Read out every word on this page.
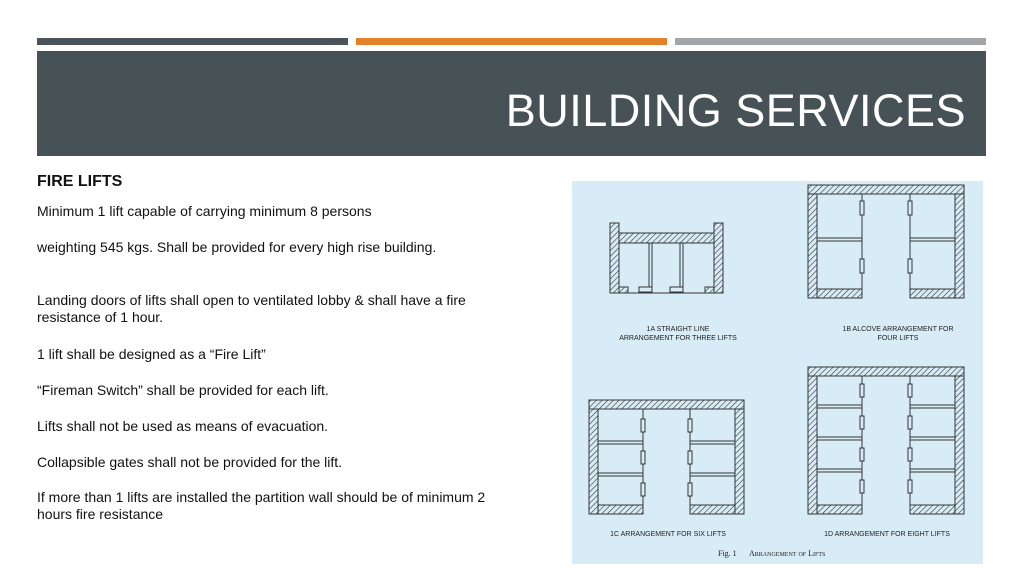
BUILDING SERVICES
FIRE LIFTS
Minimum 1 lift capable of carrying minimum 8 persons
weighting 545 kgs. Shall be provided for every high rise building.
Landing doors of lifts shall open to ventilated lobby & shall have a fire resistance of 1 hour.
1 lift shall be designed as a “Fire Lift”
“Fireman Switch” shall be provided for each lift.
Lifts shall not be used as means of evacuation.
Collapsible gates shall not be provided for the lift.
If more than 1 lifts are installed the partition wall should be of minimum 2 hours fire resistance
1A STRAIGHT LINE
ARRANGEMENT FOR THREE LIFTS
1B ALCOVE ARRANGEMENT FOR
FOUR LIFTS
1C ARRANGEMENT FOR SIX LIFTS	1D ARRANGEMENT FOR EIGHT LIFTS
Fig. 1 Arrangement of Lifts
